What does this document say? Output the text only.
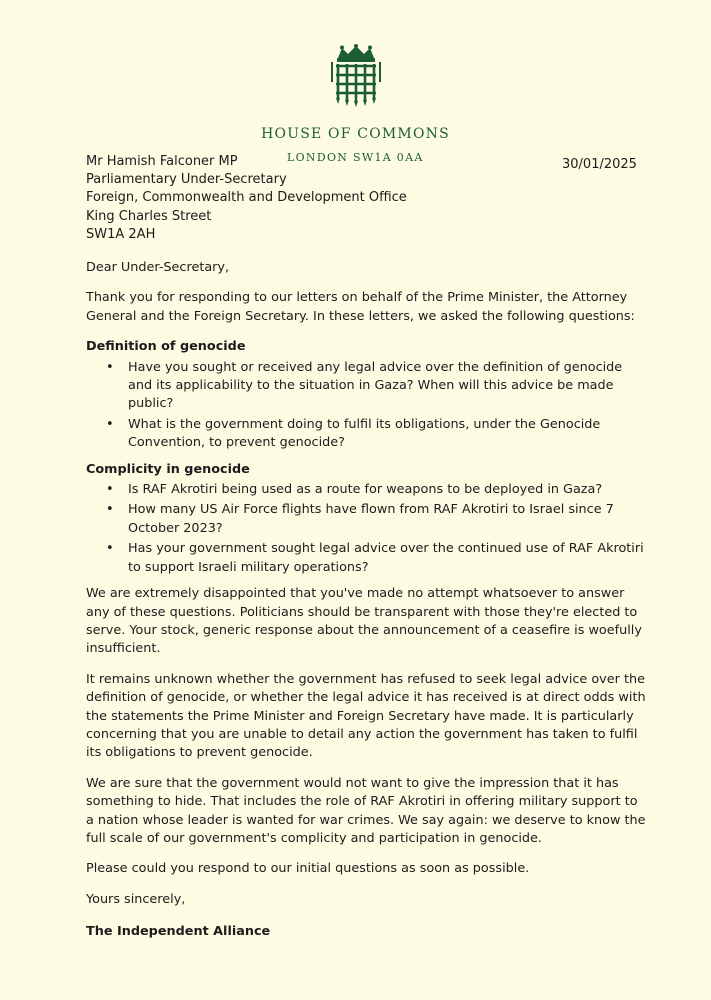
HOUSE OF COMMONS
LONDON SW1A 0AA	30/01/2025
Mr Hamish Falconer MP
Parliamentary Under-Secretary
Foreign, Commonwealth and Development Office
King Charles Street
SW1A 2AH

Dear Under-Secretary,

Thank you for responding to our letters on behalf of the Prime Minister, the Attorney General and the Foreign Secretary. In these letters, we asked the following questions:

Definition of genocide
• Have you sought or received any legal advice over the definition of genocide and its applicability to the situation in Gaza? When will this advice be made public?
• What is the government doing to fulfil its obligations, under the Genocide Convention, to prevent genocide?
Complicity in genocide
• Is RAF Akrotiri being used as a route for weapons to be deployed in Gaza?
• How many US Air Force flights have flown from RAF Akrotiri to Israel since 7 October 2023?
• Has your government sought legal advice over the continued use of RAF Akrotiri to support Israeli military operations?

We are extremely disappointed that you've made no attempt whatsoever to answer any of these questions. Politicians should be transparent with those they're elected to serve. Your stock, generic response about the announcement of a ceasefire is woefully insufficient.

It remains unknown whether the government has refused to seek legal advice over the definition of genocide, or whether the legal advice it has received is at direct odds with the statements the Prime Minister and Foreign Secretary have made. It is particularly concerning that you are unable to detail any action the government has taken to fulfil its obligations to prevent genocide.

We are sure that the government would not want to give the impression that it has something to hide. That includes the role of RAF Akrotiri in offering military support to a nation whose leader is wanted for war crimes. We say again: we deserve to know the full scale of our government's complicity and participation in genocide.

Please could you respond to our initial questions as soon as possible.

Yours sincerely,
The Independent Alliance
